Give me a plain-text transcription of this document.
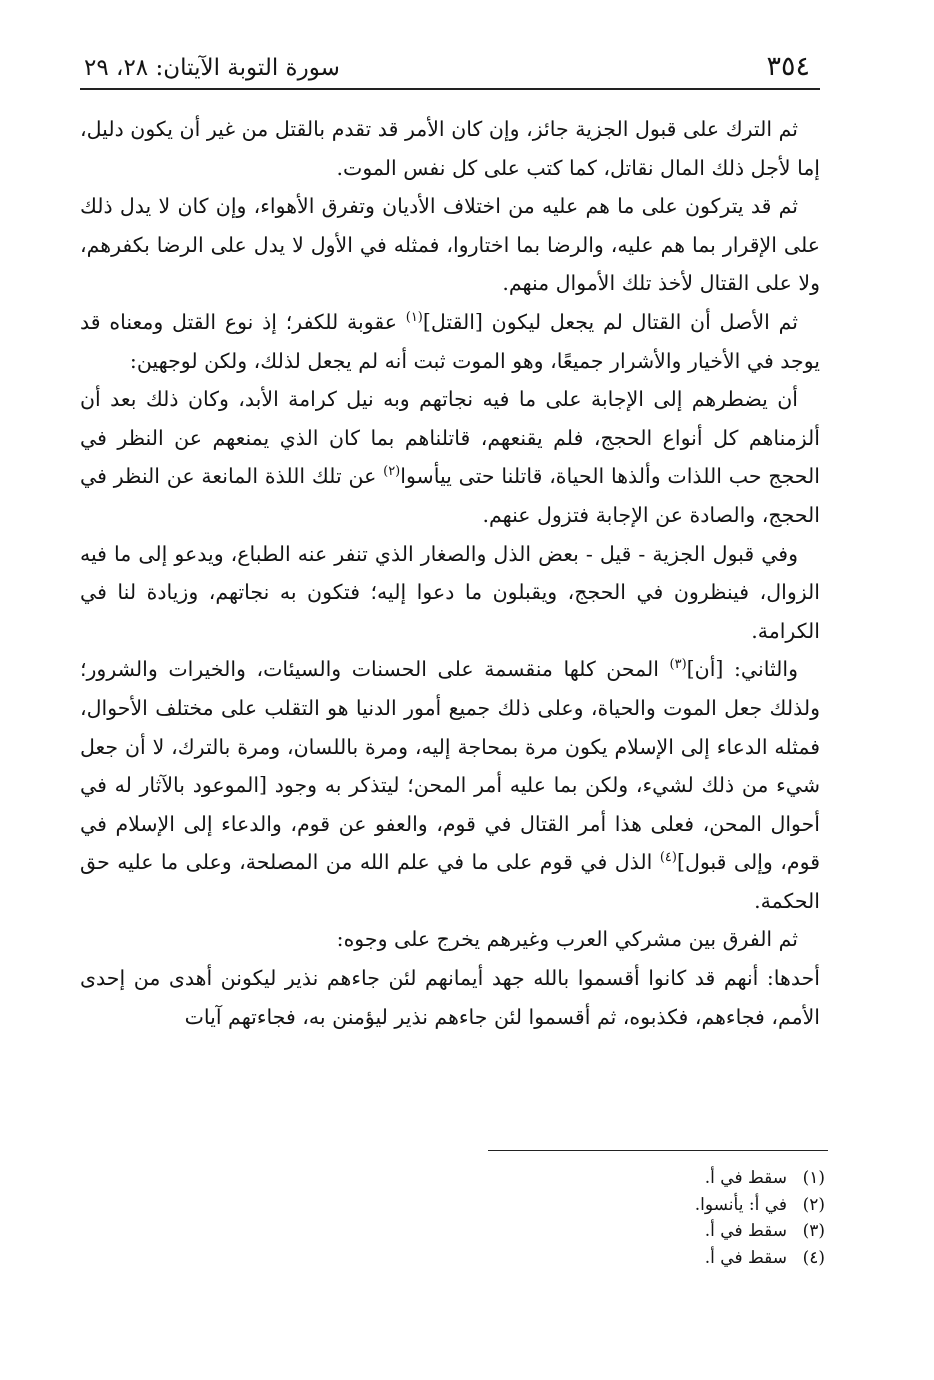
٣٥٤
سورة التوبة الآيتان: ٢٨، ٢٩

ثم الترك على قبول الجزية جائز، وإن كان الأمر قد تقدم بالقتل من غير أن يكون دليل، إما لأجل ذلك المال نقاتل، كما كتب على كل نفس الموت.

ثم قد يتركون على ما هم عليه من اختلاف الأديان وتفرق الأهواء، وإن كان لا يدل ذلك على الإقرار بما هم عليه، والرضا بما اختاروا، فمثله في الأول لا يدل على الرضا بكفرهم، ولا على القتال لأخذ تلك الأموال منهم.

ثم الأصل أن القتال لم يجعل ليكون [القتل]$^{(١)}$ عقوبة للكفر؛ إذ نوع القتل ومعناه قد يوجد في الأخيار والأشرار جميعًا، وهو الموت ثبت أنه لم يجعل لذلك، ولكن لوجهين:

أن يضطرهم إلى الإجابة على ما فيه نجاتهم وبه نيل كرامة الأبد، وكان ذلك بعد أن ألزمناهم كل أنواع الحجج، فلم يقنعهم، قاتلناهم بما كان الذي يمنعهم عن النظر في الحجج حب اللذات وألذها الحياة، قاتلنا حتى ييأسوا$^{(٢)}$ عن تلك اللذة المانعة عن النظر في الحجج، والصادة عن الإجابة فتزول عنهم.

وفي قبول الجزية - قيل - بعض الذل والصغار الذي تنفر عنه الطباع، ويدعو إلى ما فيه الزوال، فينظرون في الحجج، ويقبلون ما دعوا إليه؛ فتكون به نجاتهم، وزيادة لنا في الكرامة.

والثاني: [أن]$^{(٣)}$ المحن كلها منقسمة على الحسنات والسيئات، والخيرات والشرور؛ ولذلك جعل الموت والحياة، وعلى ذلك جميع أمور الدنيا هو التقلب على مختلف الأحوال، فمثله الدعاء إلى الإسلام يكون مرة بمحاجة إليه، ومرة باللسان، ومرة بالترك، لا أن جعل شيء من ذلك لشيء، ولكن بما عليه أمر المحن؛ ليتذكر به وجود [الموعود بالآثار له في أحوال المحن، فعلى هذا أمر القتال في قوم، والعفو عن قوم، والدعاء إلى الإسلام في قوم، وإلى قبول]$^{(٤)}$ الذل في قوم على ما في علم الله من المصلحة، وعلى ما عليه حق الحكمة.

ثم الفرق بين مشركي العرب وغيرهم يخرج على وجوه:

أحدها: أنهم قد كانوا أقسموا بالله جهد أيمانهم لئن جاءهم نذير ليكونن أهدى من إحدى الأمم، فجاءهم، فكذبوه، ثم أقسموا لئن جاءهم نذير ليؤمنن به، فجاءتهم آيات

(١)سقط في أ.
(٢)في أ: يأنسوا.
(٣)سقط في أ.
(٤)سقط في أ.
